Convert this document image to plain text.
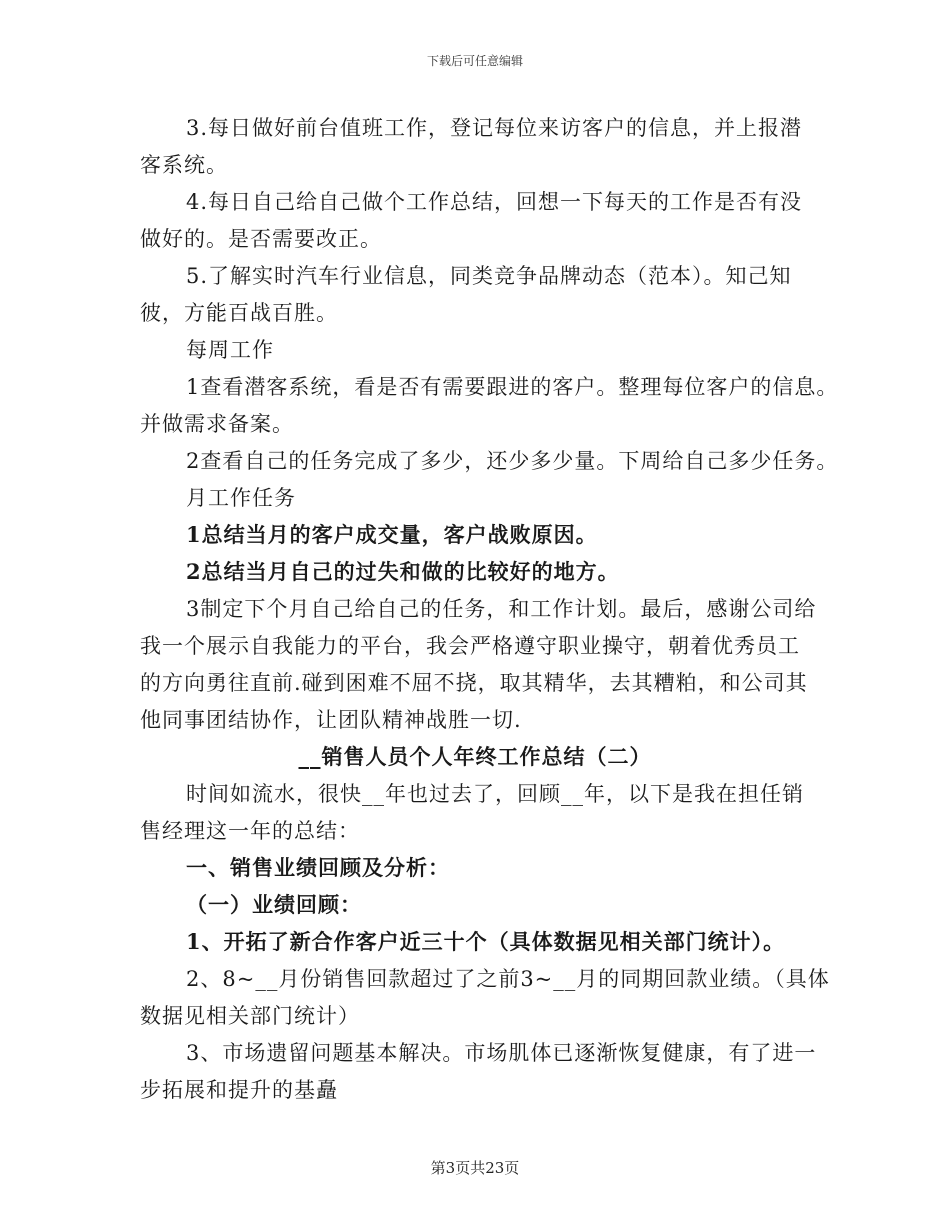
下载后可任意编辑
3.每日做好前台值班工作，登记每位来访客户的信息，并上报潜
客系统。
4.每日自己给自己做个工作总结，回想一下每天的工作是否有没
做好的。是否需要改正。
5.了解实时汽车行业信息，同类竞争品牌动态（范本）。知己知
彼，方能百战百胜。
每周工作
1查看潜客系统，看是否有需要跟进的客户。整理每位客户的信息。
并做需求备案。
2查看自己的任务完成了多少，还少多少量。下周给自己多少任务。
月工作任务
1总结当月的客户成交量，客户战败原因。
2总结当月自己的过失和做的比较好的地方。
3制定下个月自己给自己的任务，和工作计划。最后，感谢公司给
我一个展示自我能力的平台，我会严格遵守职业操守，朝着优秀员工
的方向勇往直前.碰到困难不屈不挠，取其精华，去其糟粕，和公司其
他同事团结协作，让团队精神战胜一切.
__销售人员个人年终工作总结（二）
时间如流水，很快__年也过去了，回顾__年，以下是我在担任销
售经理这一年的总结：
一、销售业绩回顾及分析：
（一）业绩回顾：
1、开拓了新合作客户近三十个（具体数据见相关部门统计）。
2、8~__月份销售回款超过了之前3~__月的同期回款业绩。（具体
数据见相关部门统计）
3、市场遗留问题基本解决。市场肌体已逐渐恢复健康，有了进一
步拓展和提升的基矗
第3页共23页
